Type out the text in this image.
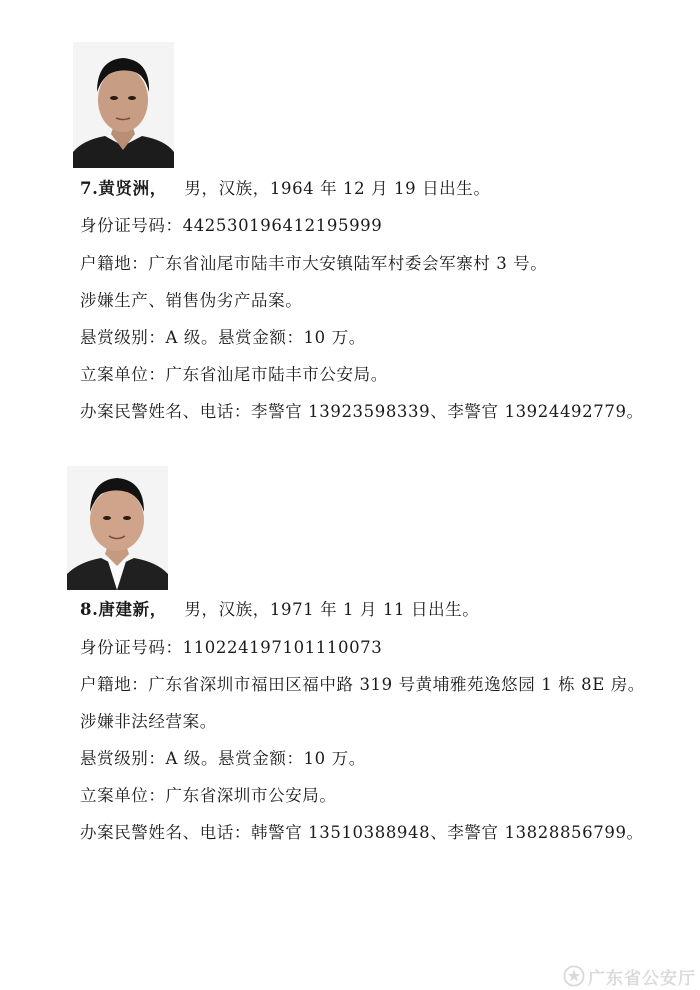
7.黄贤洲， 男，汉族，1964 年 12 月 19 日出生。
身份证号码：442530196412195999
户籍地：广东省汕尾市陆丰市大安镇陆军村委会军寨村 3 号。
涉嫌生产、销售伪劣产品案。
悬赏级别：A 级。悬赏金额：10 万。
立案单位：广东省汕尾市陆丰市公安局。
办案民警姓名、电话：李警官 13923598339、李警官 13924492779。
8.唐建新， 男，汉族，1971 年 1 月 11 日出生。
身份证号码：110224197101110073
户籍地：广东省深圳市福田区福中路 319 号黄埔雅苑逸悠园 1 栋 8E 房。
涉嫌非法经营案。
悬赏级别：A 级。悬赏金额：10 万。
立案单位：广东省深圳市公安局。
办案民警姓名、电话：韩警官 13510388948、李警官 13828856799。
广东省公安厅
